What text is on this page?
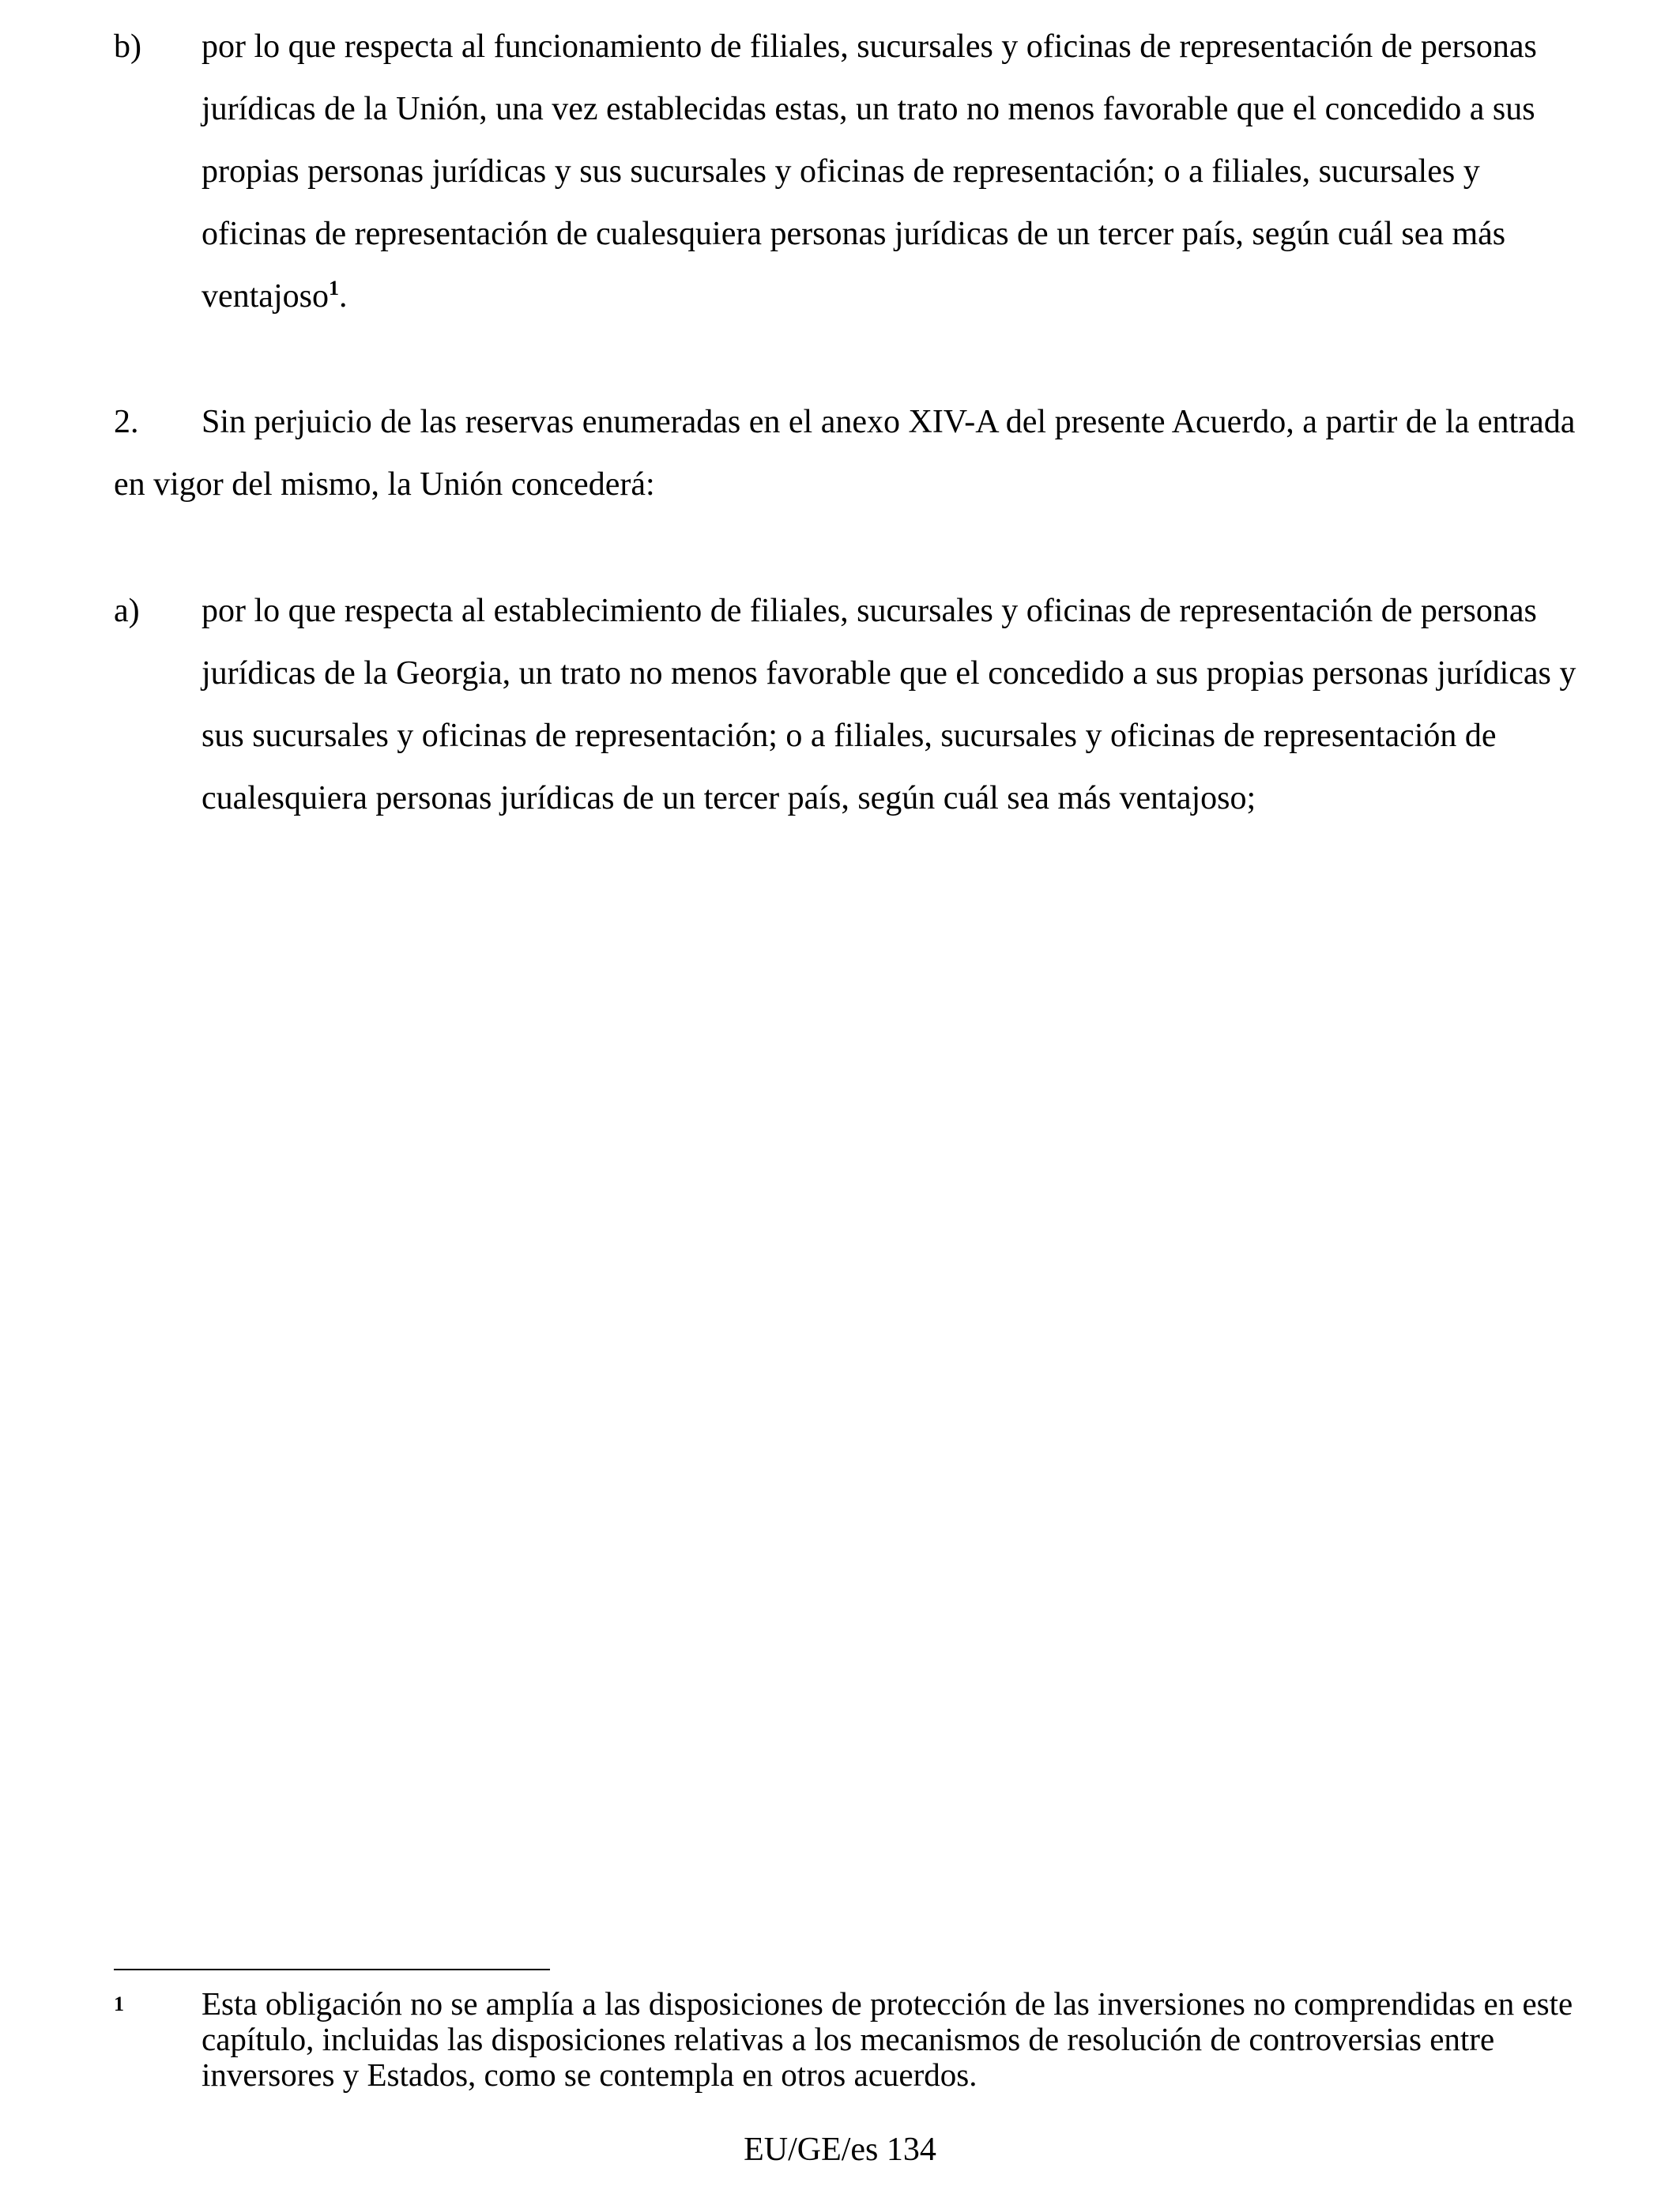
b) por lo que respecta al funcionamiento de filiales, sucursales y oficinas de representación de personas jurídicas de la Unión, una vez establecidas estas, un trato no menos favorable que el concedido a sus propias personas jurídicas y sus sucursales y oficinas de representación; o a filiales, sucursales y oficinas de representación de cualesquiera personas jurídicas de un tercer país, según cuál sea más ventajoso$^1$.
2. Sin perjuicio de las reservas enumeradas en el anexo XIV-A del presente Acuerdo, a partir de la entrada en vigor del mismo, la Unión concederá:
a) por lo que respecta al establecimiento de filiales, sucursales y oficinas de representación de personas jurídicas de la Georgia, un trato no menos favorable que el concedido a sus propias personas jurídicas y sus sucursales y oficinas de representación; o a filiales, sucursales y oficinas de representación de cualesquiera personas jurídicas de un tercer país, según cuál sea más ventajoso;
1 Esta obligación no se amplía a las disposiciones de protección de las inversiones no comprendidas en este capítulo, incluidas las disposiciones relativas a los mecanismos de resolución de controversias entre inversores y Estados, como se contempla en otros acuerdos.
EU/GE/es 134
